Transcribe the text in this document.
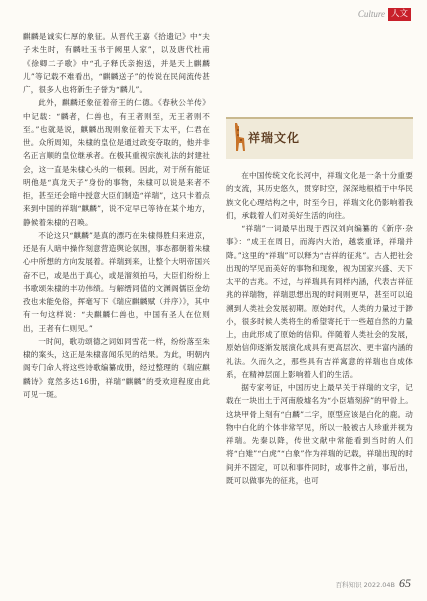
Culture 人文

麒麟是诚实仁厚的象征。从晋代王嘉《拾遗记》中“夫子未生时，有麟吐玉书于阙里人家”，以及唐代杜甫《徐卿二子歌》中“孔子释氏亲抱送，并是天上麒麟儿”等记载不难看出，“麒麟送子”的传说在民间流传甚广，很多人也将新生子誉为“麟儿”。

此外，麒麟还象征着帝王的仁德。《春秋公羊传》中记载：“麟者，仁兽也，有王者则至，无王者则不至。”也就是说，麒麟出现则象征着天下太平，仁君在世。众所周知，朱棣的皇位是通过政变夺取的，他并非名正言顺的皇位继承者。在极其重视宗族礼法的封建社会，这一直是朱棣心头的一根刺。因此，对于所有能证明他是“真龙天子”身份的事物，朱棣可以说是来者不拒，甚至还会暗中授意大臣们制造“祥瑞”，这只卡着点来到中国的祥瑞“麒麟”，说不定早已等待在某个地方，静候着朱棣的召唤。

不论这只“麒麟”是真的漂巧在朱棣得胜归来进京，还是有人暗中操作刻意营造舆论氛围，事态都朝着朱棣心中所想的方向发展着。祥瑞到来，让整个大明帝国兴奋不已，或是出于真心，或是溜须拍马，大臣们纷纷上书歌颂朱棣的丰功伟绩。与解缙同值的文渊阁儒臣金幼孜也未能免俗，挥毫写下《瑞应麒麟赋（并序）》，其中有一句这样说：“夫麒麟仁兽也，中国有圣人在位则出，王者有仁则见。”

一时间，歌功颂德之词如同雪花一样，纷纷落至朱棣的案头，这正是朱棣喜闻乐见的结果。为此，明朝内阁专门命人将这些诗歌编纂成册，经过整理的《瑞应麒麟诗》竟然多达16册，祥瑞“麒麟”的受欢迎程度由此可见一斑。

祥瑞文化

在中国传统文化长河中，祥瑞文化是一条十分重要的支流，其历史悠久，贯穿时空，深深地根植于中华民族文化心理结构之中，时至今日，祥瑞文化仍影响着我们，承载着人们对美好生活的向往。

“祥瑞”一词最早出现于西汉刘向编纂的《新序·杂事》：“成王在周日，而海内大治，越裳重译，祥瑞并降。”这里的“祥瑞”可以释为“吉祥的征兆”。古人把社会出现的罕见而美好的事物和现象，视为国家兴盛、天下太平的吉兆。不过，与祥瑞具有同样内涵，代表吉祥征兆的祥瑞物，祥瑞思想出现的时间则更早，甚至可以追溯到人类社会发展初期。原始时代，人类的力量过于渺小，很多时候人类将生的希望寄托于一些超自然的力量上，由此形成了原始的信仰。伴随着人类社会的发展，原始信仰逐渐发展演化成具有更高层次、更丰富内涵的礼法。久而久之，那些具有吉祥寓意的祥瑞也自成体系，在精神层面上影响着人们的生活。

据专家考证，中国历史上最早关于祥瑞的文字，记载在一块出土于河南殷墟名为“小臣墙刻辞”的甲骨上。这块甲骨上刻有“白麟”二字，原型应该是白化的鹿。动物中白化的个体非常罕见，所以一般被古人珍重并视为祥瑞。先秦以降，传世文献中常能看到当时的人们将“白雉”“白虎”“白象”作为祥瑞的记载，祥瑞出现的时间并不固定，可以和事件同时，或事件之前，事后出，既可以做事先的征兆，也可

百科知识 2022.04B 65
